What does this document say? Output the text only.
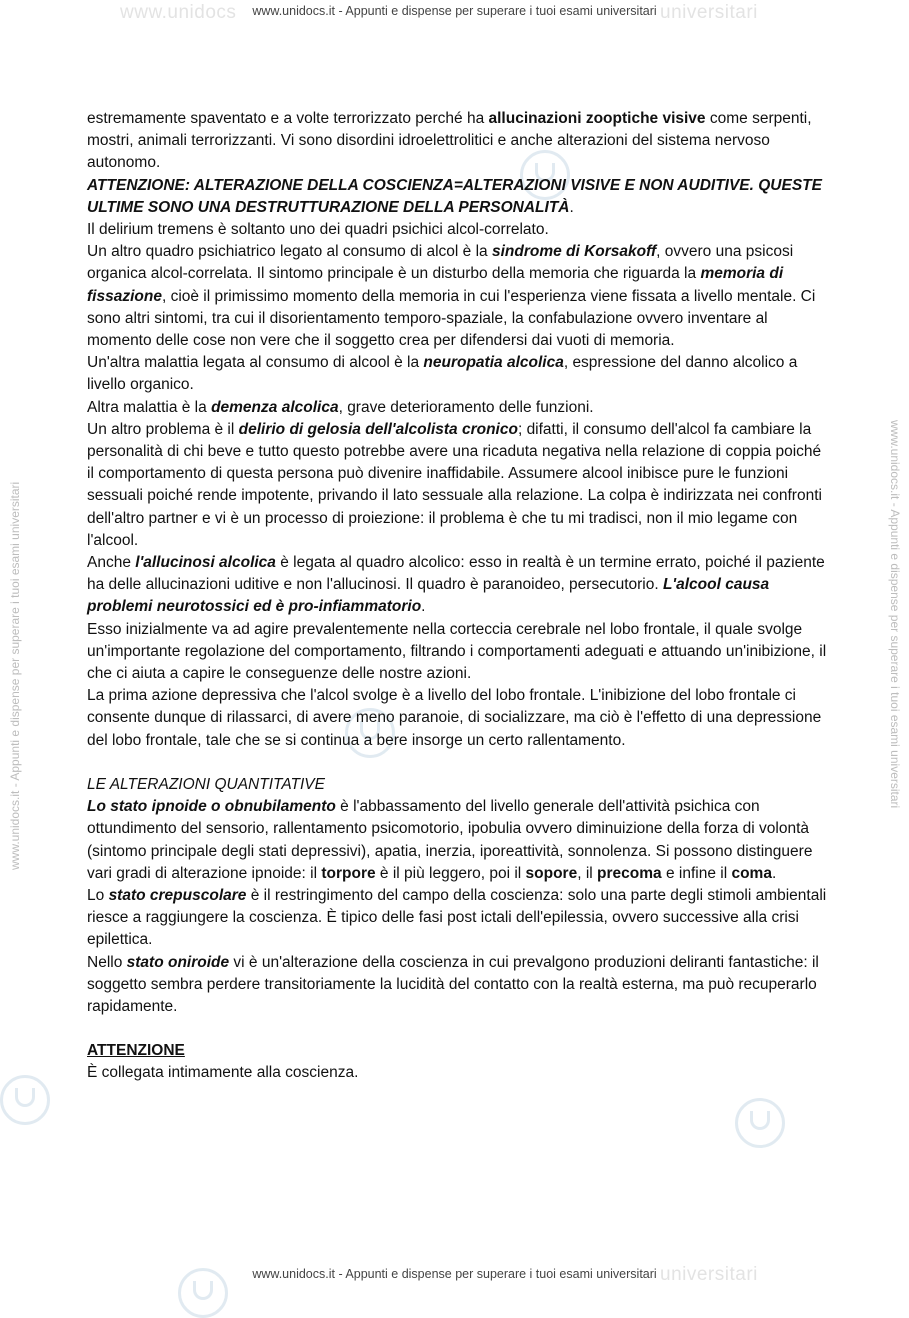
www.unidocs	universitari
universitari
www.unidocs.it - Appunti e dispense per superare i tuoi esami universitari	www.unidocs.it - Appunti e dispense per superare i tuoi esami universitari
www.unidocs.it - Appunti e dispense per superare i tuoi esami universitari

estremamente spaventato e a volte terrorizzato perché ha allucinazioni zooptiche visive come serpenti, mostri, animali terrorizzanti. Vi sono disordini idroelettrolitici e anche alterazioni del sistema nervoso autonomo.

ATTENZIONE: ALTERAZIONE DELLA COSCIENZA=ALTERAZIONI VISIVE E NON AUDITIVE. QUESTE ULTIME SONO UNA DESTRUTTURAZIONE DELLA PERSONALITÀ.

Il delirium tremens è soltanto uno dei quadri psichici alcol-correlato.

Un altro quadro psichiatrico legato al consumo di alcol è la sindrome di Korsakoff, ovvero una psicosi organica alcol-correlata. Il sintomo principale è un disturbo della memoria che riguarda la memoria di fissazione, cioè il primissimo momento della memoria in cui l'esperienza viene fissata a livello mentale. Ci sono altri sintomi, tra cui il disorientamento temporo-spaziale, la confabulazione ovvero inventare al momento delle cose non vere che il soggetto crea per difendersi dai vuoti di memoria.

Un'altra malattia legata al consumo di alcool è la neuropatia alcolica, espressione del danno alcolico a livello organico.

Altra malattia è la demenza alcolica, grave deterioramento delle funzioni.

Un altro problema è il delirio di gelosia dell'alcolista cronico; difatti, il consumo dell'alcol fa cambiare la personalità di chi beve e tutto questo potrebbe avere una ricaduta negativa nella relazione di coppia poiché il comportamento di questa persona può divenire inaffidabile. Assumere alcool inibisce pure le funzioni sessuali poiché rende impotente, privando il lato sessuale alla relazione. La colpa è indirizzata nei confronti dell'altro partner e vi è un processo di proiezione: il problema è che tu mi tradisci, non il mio legame con l'alcool.

Anche l'allucinosi alcolica è legata al quadro alcolico: esso in realtà è un termine errato, poiché il paziente ha delle allucinazioni uditive e non l'allucinosi. Il quadro è paranoideo, persecutorio. L'alcool causa problemi neurotossici ed è pro-infiammatorio.

Esso inizialmente va ad agire prevalentemente nella corteccia cerebrale nel lobo frontale, il quale svolge un'importante regolazione del comportamento, filtrando i comportamenti adeguati e attuando un'inibizione, il che ci aiuta a capire le conseguenze delle nostre azioni.

La prima azione depressiva che l'alcol svolge è a livello del lobo frontale. L'inibizione del lobo frontale ci consente dunque di rilassarci, di avere meno paranoie, di socializzare, ma ciò è l'effetto di una depressione del lobo frontale, tale che se si continua a bere insorge un certo rallentamento.

LE ALTERAZIONI QUANTITATIVE

Lo stato ipnoide o obnubilamento è l'abbassamento del livello generale dell'attività psichica con ottundimento del sensorio, rallentamento psicomotorio, ipobulia ovvero diminuizione della forza di volontà (sintomo principale degli stati depressivi), apatia, inerzia, iporeattività, sonnolenza. Si possono distinguere vari gradi di alterazione ipnoide: il torpore è il più leggero, poi il sopore, il precoma e infine il coma.

Lo stato crepuscolare è il restringimento del campo della coscienza: solo una parte degli stimoli ambientali riesce a raggiungere la coscienza. È tipico delle fasi post ictali dell'epilessia, ovvero successive alla crisi epilettica.

Nello stato oniroide vi è un'alterazione della coscienza in cui prevalgono produzioni deliranti fantastiche: il soggetto sembra perdere transitoriamente la lucidità del contatto con la realtà esterna, ma può recuperarlo rapidamente.

ATTENZIONE

È collegata intimamente alla coscienza.

www.unidocs.it - Appunti e dispense per superare i tuoi esami universitari
